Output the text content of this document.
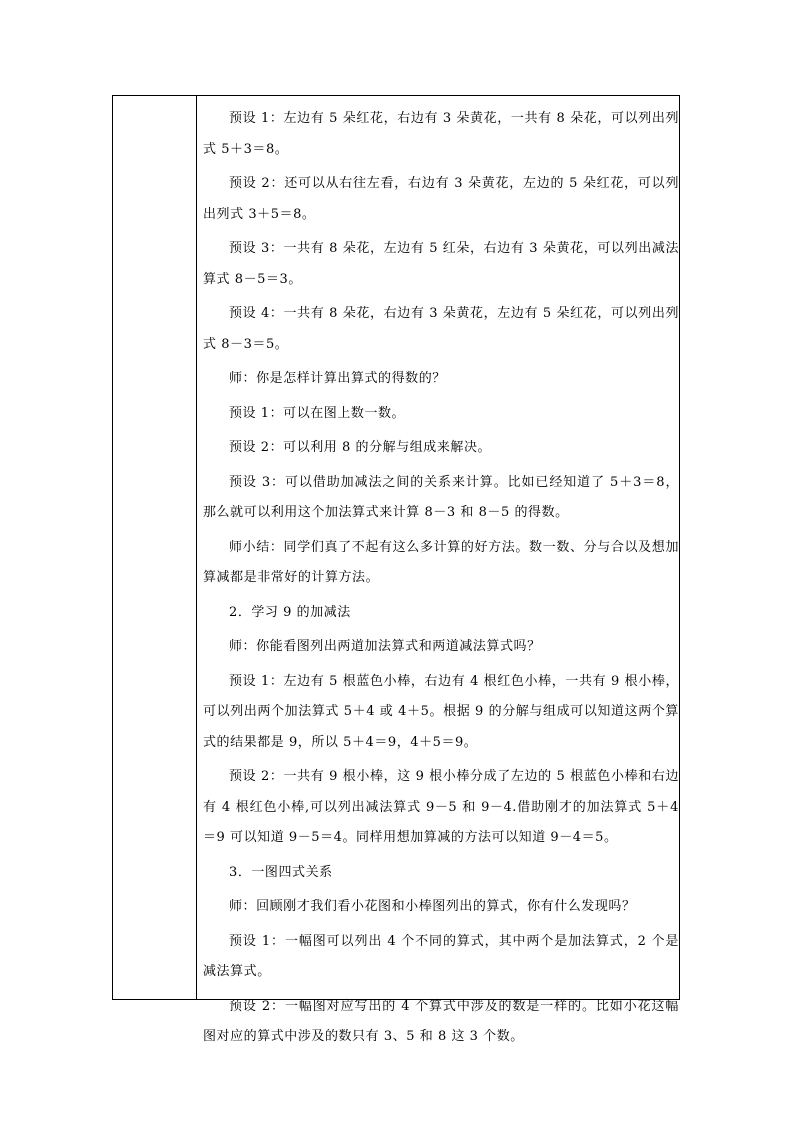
预设 1：左边有 5 朵红花，右边有 3 朵黄花，一共有 8 朵花，可以列出列式 5＋3＝8。

预设 2：还可以从右往左看，右边有 3 朵黄花，左边的 5 朵红花，可以列出列式 3＋5＝8。

预设 3：一共有 8 朵花，左边有 5 红朵，右边有 3 朵黄花，可以列出减法算式 8－5＝3。

预设 4：一共有 8 朵花，右边有 3 朵黄花，左边有 5 朵红花，可以列出列式 8－3＝5。

师：你是怎样计算出算式的得数的？

预设 1：可以在图上数一数。

预设 2：可以利用 8 的分解与组成来解决。

预设 3：可以借助加减法之间的关系来计算。比如已经知道了 5＋3＝8，那么就可以利用这个加法算式来计算 8－3 和 8－5 的得数。

师小结：同学们真了不起有这么多计算的好方法。数一数、分与合以及想加算减都是非常好的计算方法。

2．学习 9 的加减法

师：你能看图列出两道加法算式和两道减法算式吗？

预设 1：左边有 5 根蓝色小棒，右边有 4 根红色小棒，一共有 9 根小棒，可以列出两个加法算式 5＋4 或 4＋5。根据 9 的分解与组成可以知道这两个算式的结果都是 9，所以 5＋4＝9，4＋5＝9。

预设 2：一共有 9 根小棒，这 9 根小棒分成了左边的 5 根蓝色小棒和右边有 4 根红色小棒,可以列出减法算式 9－5 和 9－4.借助刚才的加法算式 5＋4＝9 可以知道 9－5＝4。同样用想加算减的方法可以知道 9－4＝5。

3．一图四式关系

师：回顾刚才我们看小花图和小棒图列出的算式，你有什么发现吗？

预设 1：一幅图可以列出 4 个不同的算式，其中两个是加法算式，2 个是减法算式。

预设 2：一幅图对应写出的 4 个算式中涉及的数是一样的。比如小花这幅图对应的算式中涉及的数只有 3、5 和 8 这 3 个数。
